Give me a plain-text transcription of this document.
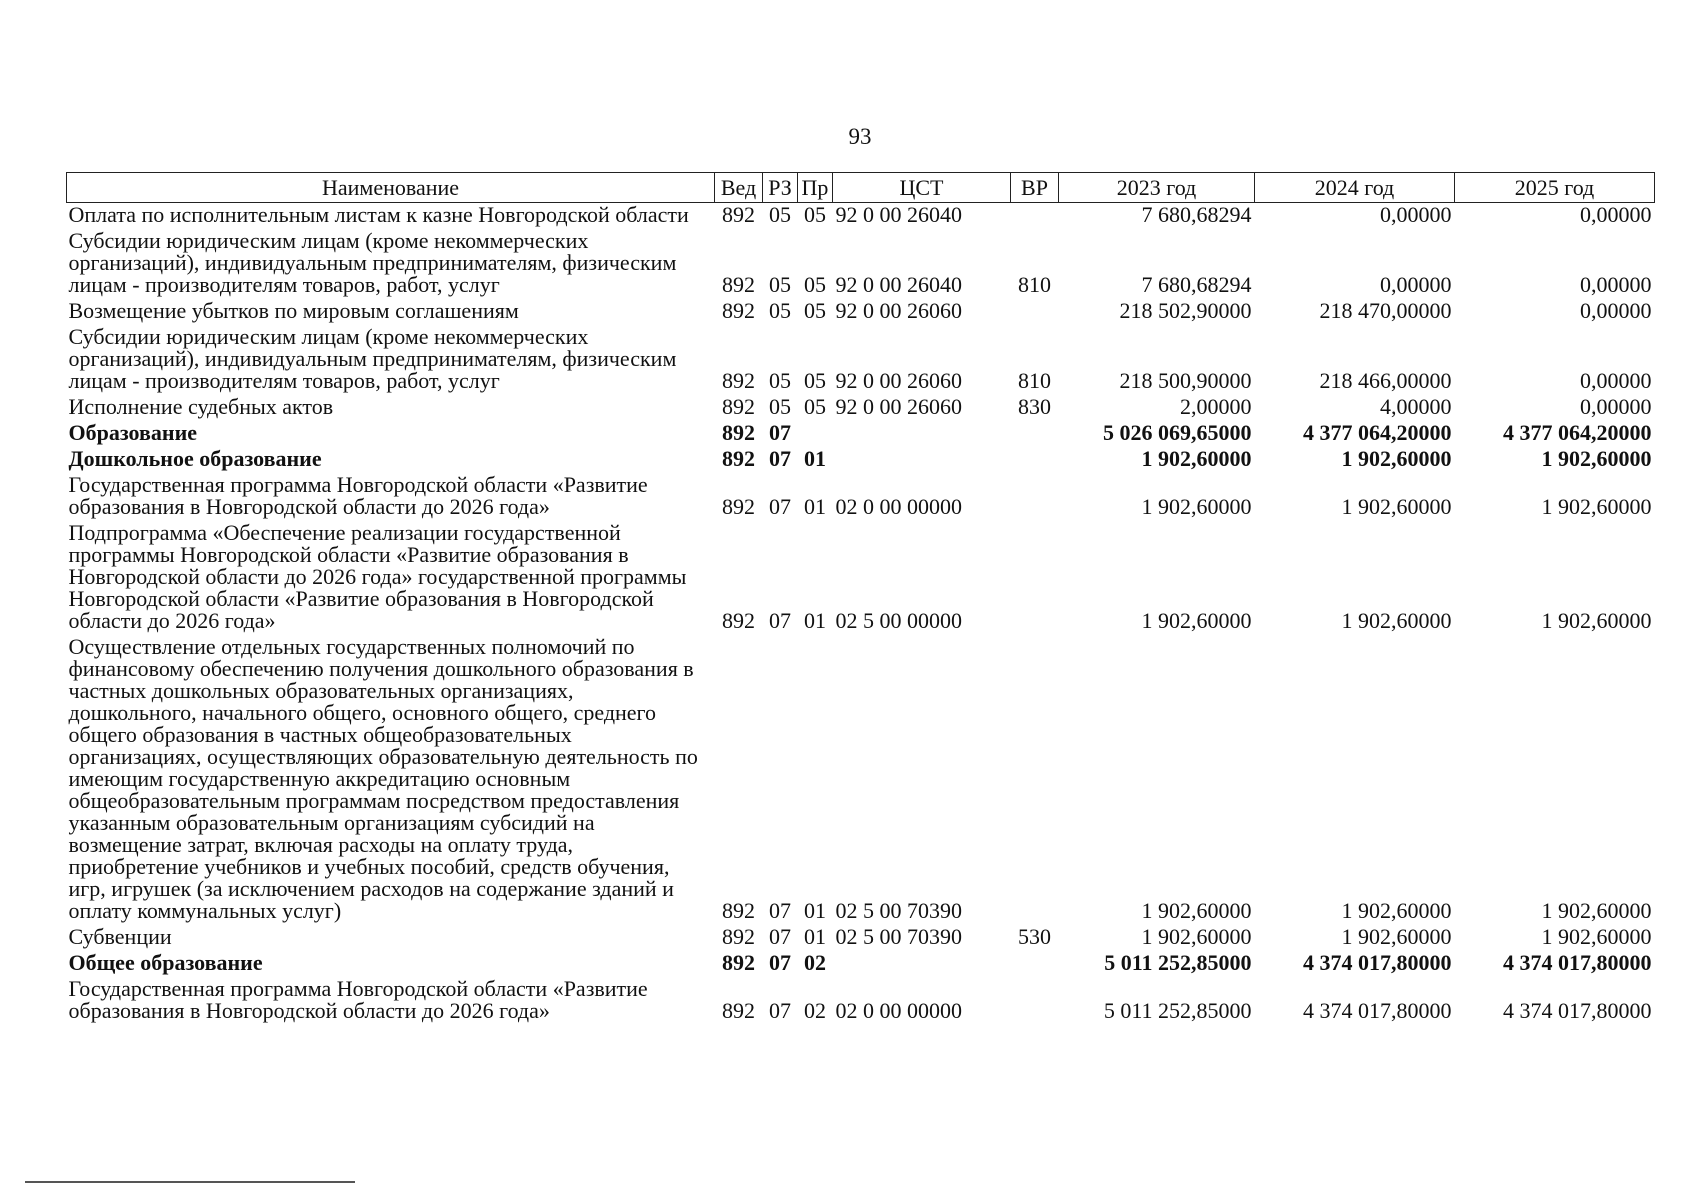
93
Наименование	Вед	РЗ	Пр	ЦСТ	ВР	2023 год	2024 год	2025 год
Оплата по исполнительным листам к казне Новгородской области	892	05	05	92 0 00 26040		7 680,68294	0,00000	0,00000
Субсидии юридическим лицам (кроме некоммерческих организаций), индивидуальным предпринимателям, физическим лицам - производителям товаров, работ, услуг	892	05	05	92 0 00 26040	810	7 680,68294	0,00000	0,00000
Возмещение убытков по мировым соглашениям	892	05	05	92 0 00 26060		218 502,90000	218 470,00000	0,00000
Субсидии юридическим лицам (кроме некоммерческих организаций), индивидуальным предпринимателям, физическим лицам - производителям товаров, работ, услуг	892	05	05	92 0 00 26060	810	218 500,90000	218 466,00000	0,00000
Исполнение судебных актов	892	05	05	92 0 00 26060	830	2,00000	4,00000	0,00000
Образование	892	07				5 026 069,65000	4 377 064,20000	4 377 064,20000
Дошкольное образование	892	07	01			1 902,60000	1 902,60000	1 902,60000
Государственная программа Новгородской области «Развитие образования в Новгородской области до 2026 года»	892	07	01	02 0 00 00000		1 902,60000	1 902,60000	1 902,60000
Подпрограмма «Обеспечение реализации государственной программы Новгородской области «Развитие образования в Новгородской области до 2026 года» государственной программы Новгородской области «Развитие образования в Новгородской области до 2026 года»	892	07	01	02 5 00 00000		1 902,60000	1 902,60000	1 902,60000
Осуществление отдельных государственных полномочий по финансовому обеспечению получения дошкольного образования в частных дошкольных образовательных организациях, дошкольного, начального общего, основного общего, среднего общего образования в частных общеобразовательных организациях, осуществляющих образовательную деятельность по имеющим государственную аккредитацию основным общеобразовательным программам посредством предоставления указанным образовательным организациям субсидий на возмещение затрат, включая расходы на оплату труда, приобретение учебников и учебных пособий, средств обучения, игр, игрушек (за исключением расходов на содержание зданий и оплату коммунальных услуг)	892	07	01	02 5 00 70390		1 902,60000	1 902,60000	1 902,60000
Субвенции	892	07	01	02 5 00 70390	530	1 902,60000	1 902,60000	1 902,60000
Общее образование	892	07	02			5 011 252,85000	4 374 017,80000	4 374 017,80000
Государственная программа Новгородской области «Развитие образования в Новгородской области до 2026 года»	892	07	02	02 0 00 00000		5 011 252,85000	4 374 017,80000	4 374 017,80000
